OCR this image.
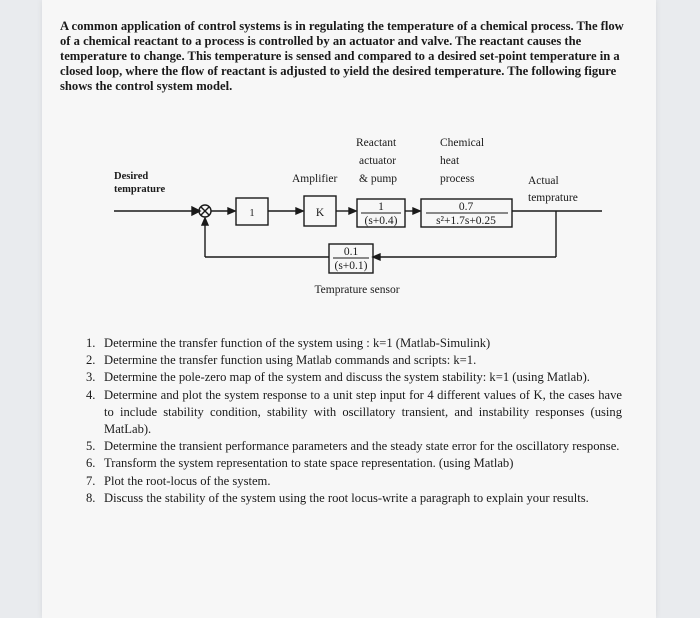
A common application of control systems is in regulating the temperature of a chemical process. The flow of a chemical reactant to a process is controlled by an actuator and valve. The reactant causes the temperature to change. This temperature is sensed and compared to a desired set-point temperature in a closed loop, where the flow of reactant is adjusted to yield the desired temperature. The following figure shows the control system model.

Desired
temprature
Amplifier
Reactant
actuator
& pump
Chemical
heat
process	Actual
temprature
1	K	1
(s+0.4)
0.7
s²+1.7s+0.25
0.1
(s+0.1)
Temprature sensor
1. Determine the transfer function of the system using : k=1 (Matlab-Simulink)
2. Determine the transfer function using Matlab commands and scripts: k=1.
3. Determine the pole-zero map of the system and discuss the system stability: k=1 (using Matlab).
4. Determine and plot the system response to a unit step input for 4 different values of K, the cases have to include stability condition, stability with oscillatory transient, and instability responses (using MatLab).
5. Determine the transient performance parameters and the steady state error for the oscillatory response.
6. Transform the system representation to state space representation. (using Matlab)
7. Plot the root-locus of the system.
8. Discuss the stability of the system using the root locus-write a paragraph to explain your results.
